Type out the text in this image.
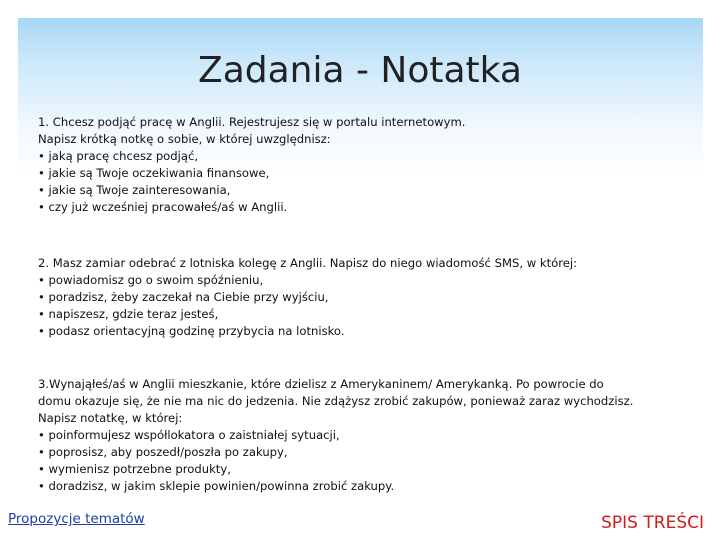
Zadania - Notatka

1. Chcesz podjąć pracę w Anglii. Rejestrujesz się w portalu internetowym.

Napisz krótką notkę o sobie, w której uwzględnisz:

• jaką pracę chcesz podjąć,

• jakie są Twoje oczekiwania finansowe,

• jakie są Twoje zainteresowania,

• czy już wcześniej pracowałeś/aś w Anglii.

2. Masz zamiar odebrać z lotniska kolegę z Anglii. Napisz do niego wiadomość SMS, w której:

• powiadomisz go o swoim spóźnieniu,

• poradzisz, żeby zaczekał na Ciebie przy wyjściu,

• napiszesz, gdzie teraz jesteś,

• podasz orientacyjną godzinę przybycia na lotnisko.

3.Wynająłeś/aś w Anglii mieszkanie, które dzielisz z Amerykaninem/ Amerykanką. Po powrocie do

domu okazuje się, że nie ma nic do jedzenia. Nie zdążysz zrobić zakupów, ponieważ zaraz wychodzisz.

Napisz notatkę, w której:

• poinformujesz współlokatora o zaistniałej sytuacji,

• poprosisz, aby poszedł/poszła po zakupy,

• wymienisz potrzebne produkty,

• doradzisz, w jakim sklepie powinien/powinna zrobić zakupy.

Propozycje tematów	SPIS TREŚCI
